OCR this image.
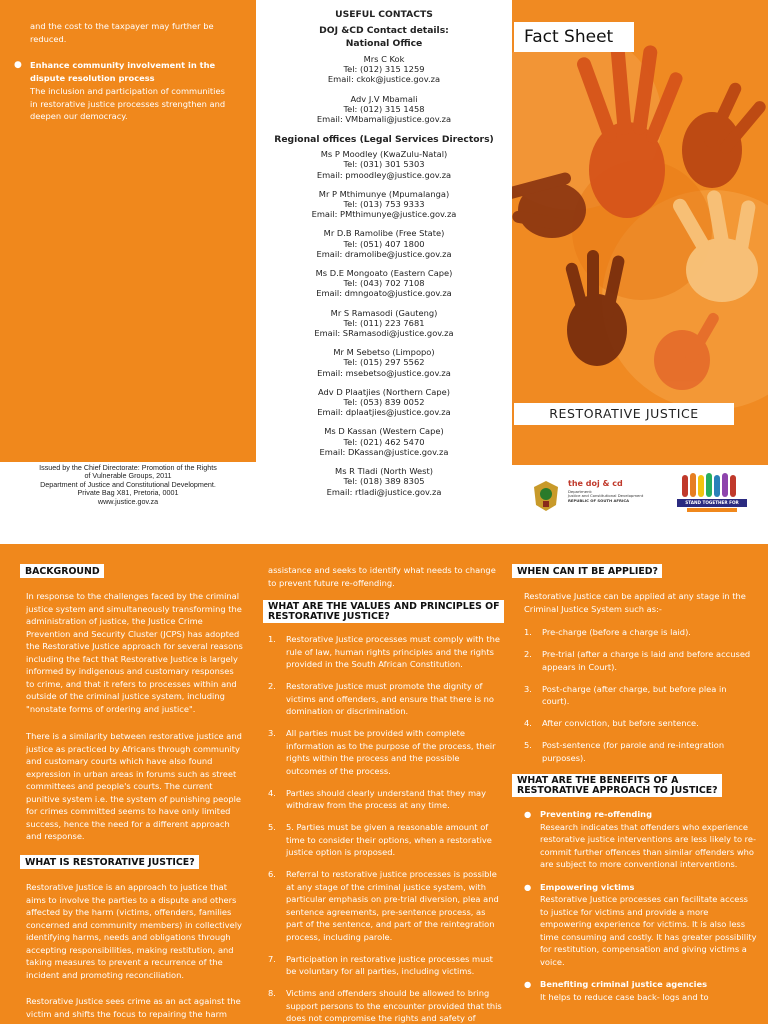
and the cost to the taxpayer may further be reduced.
● Enhance community involvement in the dispute resolution process
The inclusion and participation of communities in restorative justice processes strengthen and deepen our democracy.
Issued by the Chief Directorate: Promotion of the Rights
of Vulnerable Groups, 2011
Department of Justice and Constitutional Development.
Private Bag X81, Pretoria, 0001
www.justice.gov.za
USEFUL CONTACTS
DOJ &CD Contact details:
National Office
Mrs C Kok
Tel: (012) 315 1259
Email: ckok@justice.gov.za
Adv J.V Mbamali
Tel: (012) 315 1458
Email: VMbamali@justice.gov.za
Regional offices (Legal Services Directors)
Ms P Moodley (KwaZulu-Natal)
Tel: (031) 301 5303
Email: pmoodley@justice.gov.za
Mr P Mthimunye (Mpumalanga)
Tel: (013) 753 9333
Email: PMthimunye@justice.gov.za
Mr D.B Ramolibe (Free State)
Tel: (051) 407 1800
Email: dramolibe@justice.gov.za
Ms D.E Mongoato (Eastern Cape)
Tel: (043) 702 7108
Email: dmngoato@justice.gov.za
Mr S Ramasodi (Gauteng)
Tel: (011) 223 7681
Email: SRamasodi@justice.gov.za
Mr M Sebetso (Limpopo)
Tel: (015) 297 5562
Email: msebetso@justice.gov.za
Adv D Plaatjies (Northern Cape)
Tel: (053) 839 0052
Email: dplaatjies@justice.gov.za
Ms D Kassan (Western Cape)
Tel: (021) 462 5470
Email: DKassan@justice.gov.za
Ms R Tladi (North West)
Tel: (018) 389 8305
Email: rtladi@justice.gov.za
Fact Sheet
RESTORATIVE JUSTICE
the doj & cd
Department:
Justice and Constitutional Development
REPUBLIC OF SOUTH AFRICA	STAND TOGETHER FOR
BACKGROUND
In response to the challenges faced by the criminal justice system and simultaneously transforming the administration of justice, the Justice Crime Prevention and Security Cluster (JCPS) has adopted the Restorative Justice approach for several reasons including the fact that Restorative Justice is largely informed by indigenous and customary responses to crime, and that it refers to processes within and outside of the criminal justice system, including "nonstate forms of ordering and justice".
There is a similarity between restorative justice and justice as practiced by Africans through community and customary courts which have also found expression in urban areas in forums such as street committees and people's courts. The current punitive system i.e. the system of punishing people for crimes committed seems to have only limited success, hence the need for a different approach and response.
WHAT IS RESTORATIVE JUSTICE?
Restorative Justice is an approach to justice that aims to involve the parties to a dispute and others affected by the harm (victims, offenders, families concerned and community members) in collectively identifying harms, needs and obligations through accepting responsibilities, making restitution, and taking measures to prevent a recurrence of the incident and promoting reconciliation.
Restorative Justice sees crime as an act against the victim and shifts the focus to repairing the harm
assistance and seeks to identify what needs to change to prevent future re-offending.
WHAT ARE THE VALUES AND PRINCIPLES OF
RESTORATIVE JUSTICE?
1. Restorative Justice processes must comply with the rule of law, human rights principles and the rights provided in the South African Constitution.
2. Restorative Justice must promote the dignity of victims and offenders, and ensure that there is no domination or discrimination.
3. All parties must be provided with complete information as to the purpose of the process, their rights within the process and the possible outcomes of the process.
4. Parties should clearly understand that they may withdraw from the process at any time.
5. 5. Parties must be given a reasonable amount of time to consider their options, when a restorative justice option is proposed.
6. Referral to restorative justice processes is possible at any stage of the criminal justice system, with particular emphasis on pre-trial diversion, plea and sentence agreements, pre-sentence process, as part of the sentence, and part of the reintegration process, including parole.
7. Participation in restorative justice processes must be voluntary for all parties, including victims.
8. Victims and offenders should be allowed to bring support persons to the encounter provided that this does not compromise the rights and safety of
WHEN CAN IT BE APPLIED?
Restorative Justice can be applied at any stage in the Criminal Justice System such as:-
1. Pre-charge (before a charge is laid).
2. Pre-trial (after a charge is laid and before accused appears in Court).
3. Post-charge (after charge, but before plea in court).
4. After conviction, but before sentence.
5. Post-sentence (for parole and re-integration purposes).
WHAT ARE THE BENEFITS OF A
RESTORATIVE APPROACH TO JUSTICE?
● Preventing re-offending
Research indicates that offenders who experience restorative justice interventions are less likely to re-commit further offences than similar offenders who are subject to more conventional interventions.
● Empowering victims
Restorative Justice processes can facilitate access to justice for victims and provide a more empowering experience for victims. It is also less time consuming and costly. It has greater possibility for restitution, compensation and giving victims a voice.
● Benefiting criminal justice agencies
It helps to reduce case back- logs and to
